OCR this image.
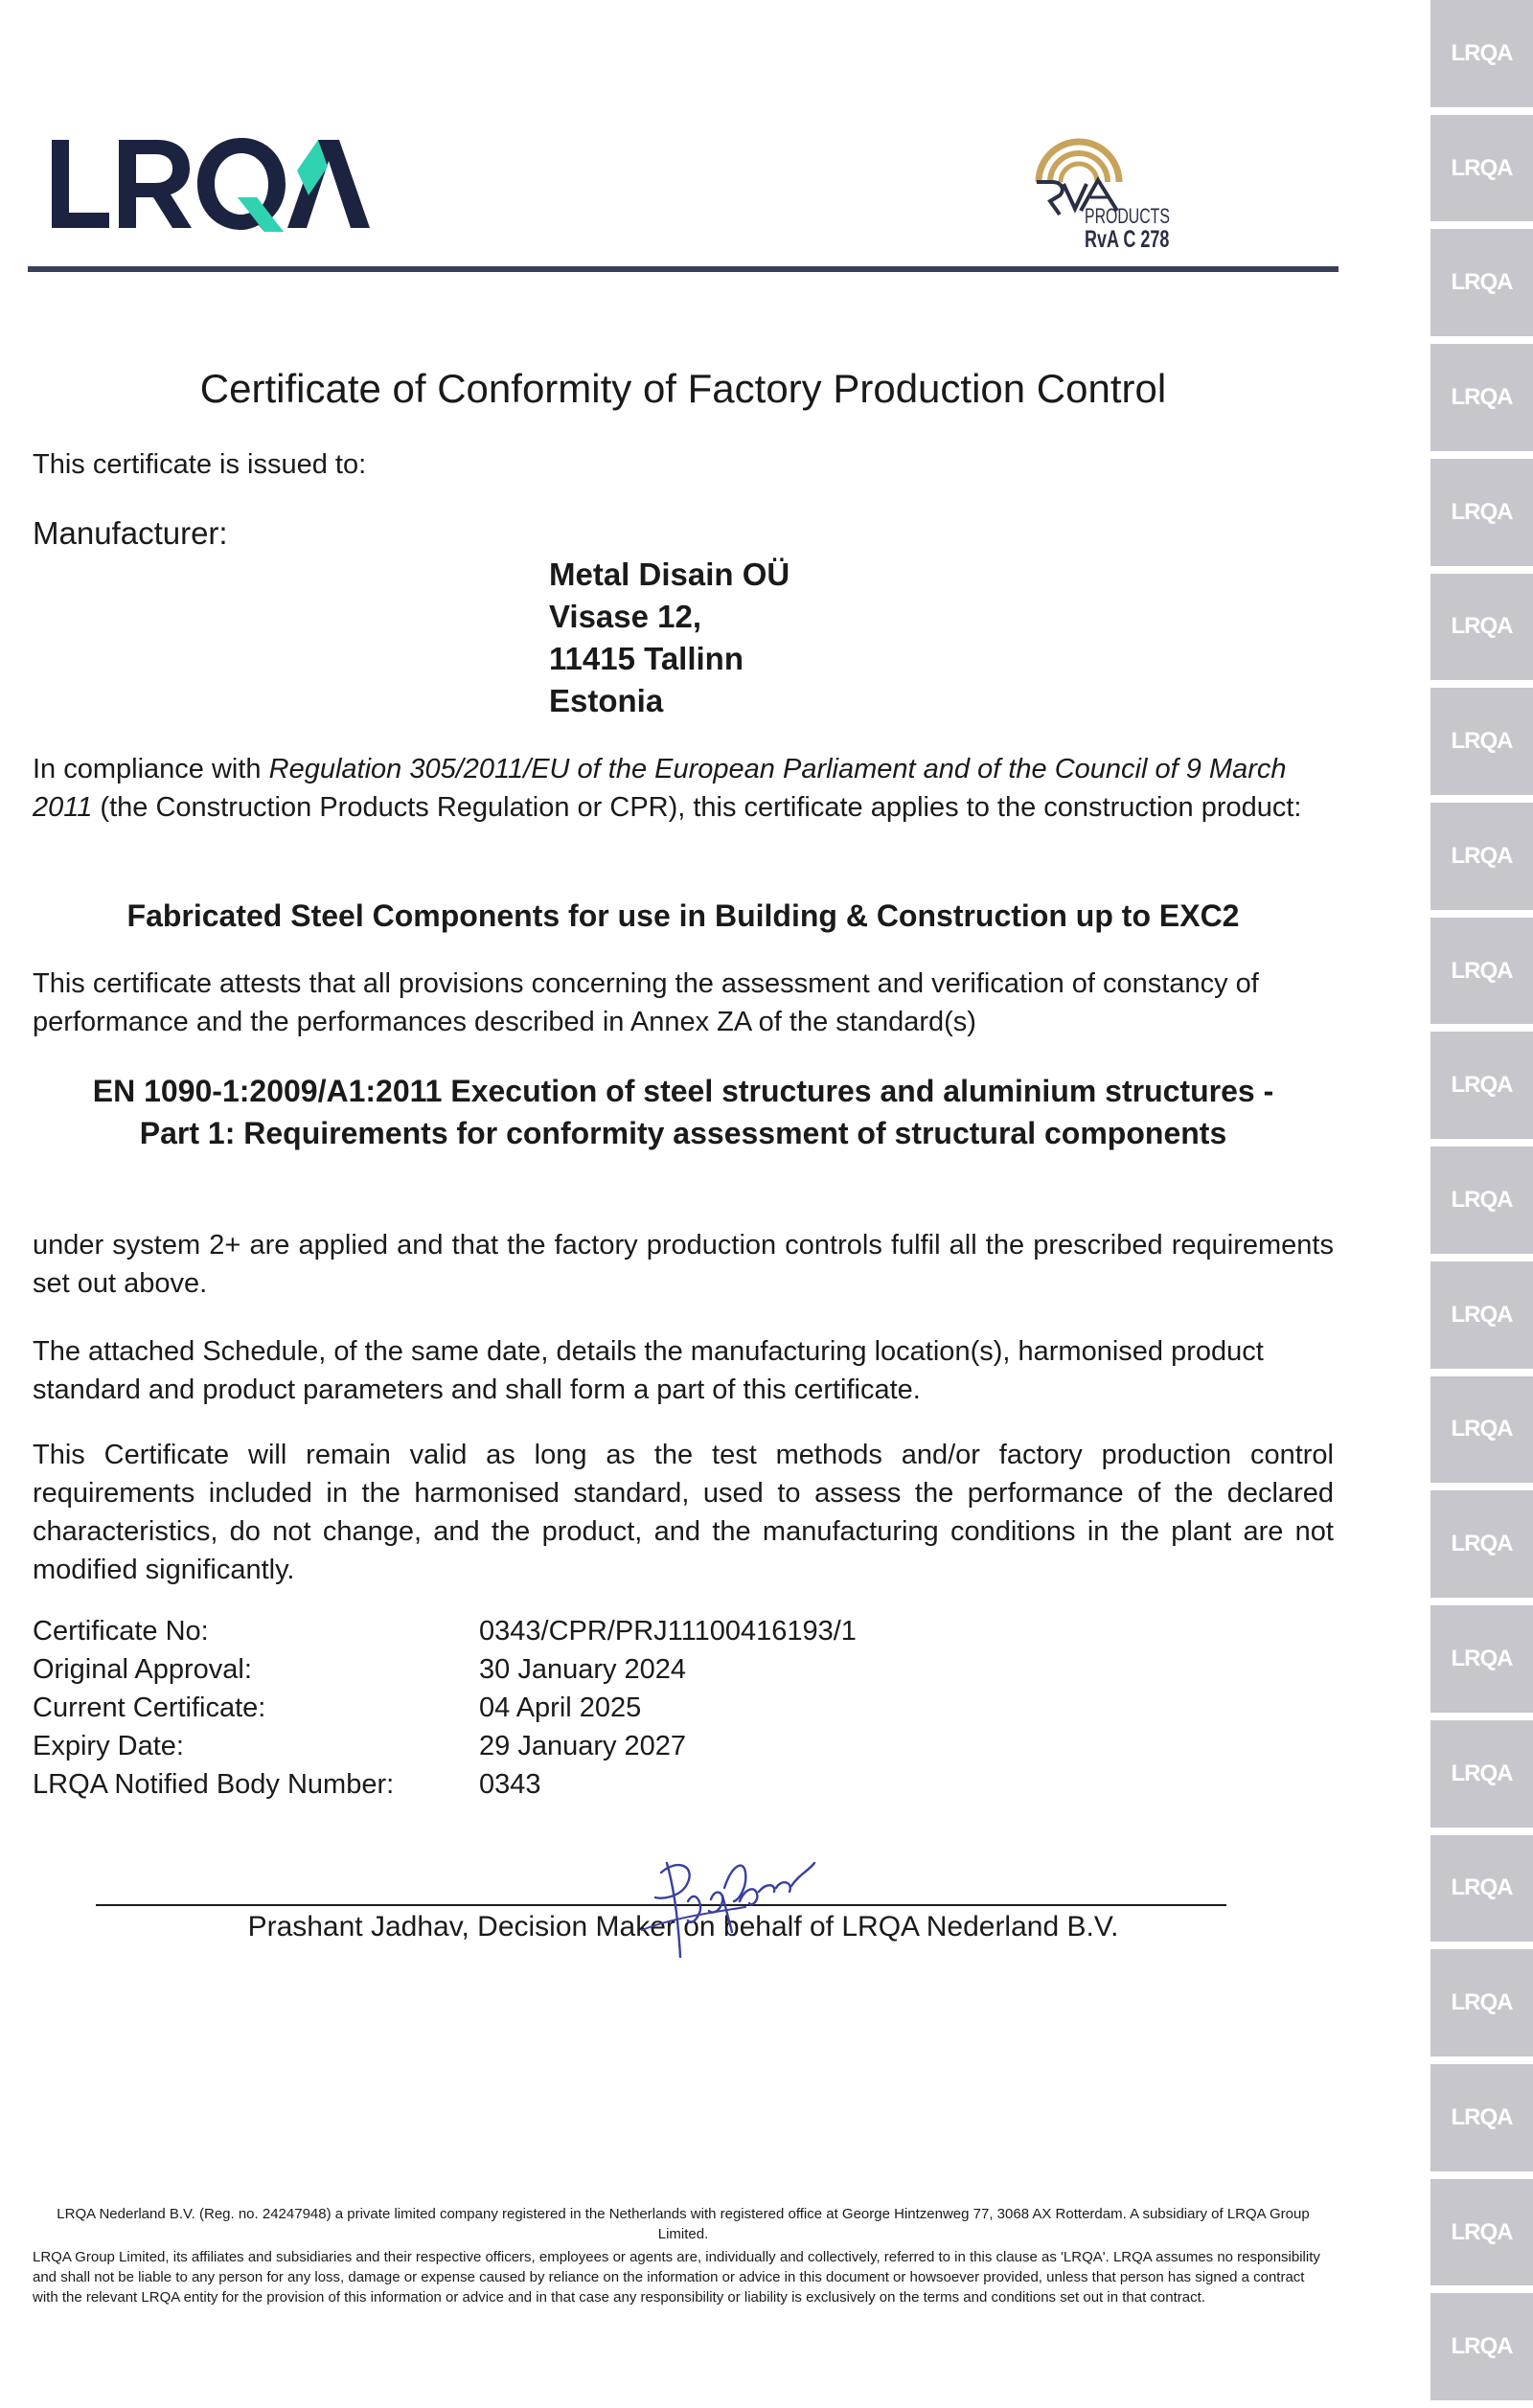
LRQA
LRQA
LRQA
LRQA
LRQA
LRQA
LRQA
LRQA
LRQA
LRQA
LRQA
LRQA
LRQA
LRQA
LRQA
LRQA
LRQA
LRQA
LRQA
LRQA
LRQA
PRODUCTS
RvA C 278
Certificate of Conformity of Factory Production Control
This certificate is issued to:
Manufacturer:
Metal Disain OÜ
Visase 12,
11415 Tallinn
Estonia
In compliance with Regulation 305/2011/EU of the European Parliament and of the Council of 9 March 2011 (the Construction Products Regulation or CPR), this certificate applies to the construction product:
Fabricated Steel Components for use in Building & Construction up to EXC2
This certificate attests that all provisions concerning the assessment and verification of constancy of performance and the performances described in Annex ZA of the standard(s)
EN 1090-1:2009/A1:2011 Execution of steel structures and aluminium structures -
Part 1: Requirements for conformity assessment of structural components
under system 2+ are applied and that the factory production controls fulfil all the prescribed requirements set out above.
The attached Schedule, of the same date, details the manufacturing location(s), harmonised product standard and product parameters and shall form a part of this certificate.
This Certificate will remain valid as long as the test methods and/or factory production control requirements included in the harmonised standard, used to assess the performance of the declared characteristics, do not change, and the product, and the manufacturing conditions in the plant are not modified significantly.
Certificate No:	0343/CPR/PRJ11100416193/1
Original Approval:	30 January 2024
Current Certificate:	04 April 2025
Expiry Date:	29 January 2027
LRQA Notified Body Number:	0343
Prashant Jadhav, Decision Maker on behalf of LRQA Nederland B.V.
LRQA Nederland B.V. (Reg. no. 24247948) a private limited company registered in the Netherlands with registered office at George Hintzenweg 77, 3068 AX Rotterdam. A subsidiary of LRQA Group Limited.
LRQA Group Limited, its affiliates and subsidiaries and their respective officers, employees or agents are, individually and collectively, referred to in this clause as 'LRQA'. LRQA assumes no responsibility and shall not be liable to any person for any loss, damage or expense caused by reliance on the information or advice in this document or howsoever provided, unless that person has signed a contract with the relevant LRQA entity for the provision of this information or advice and in that case any responsibility or liability is exclusively on the terms and conditions set out in that contract.
